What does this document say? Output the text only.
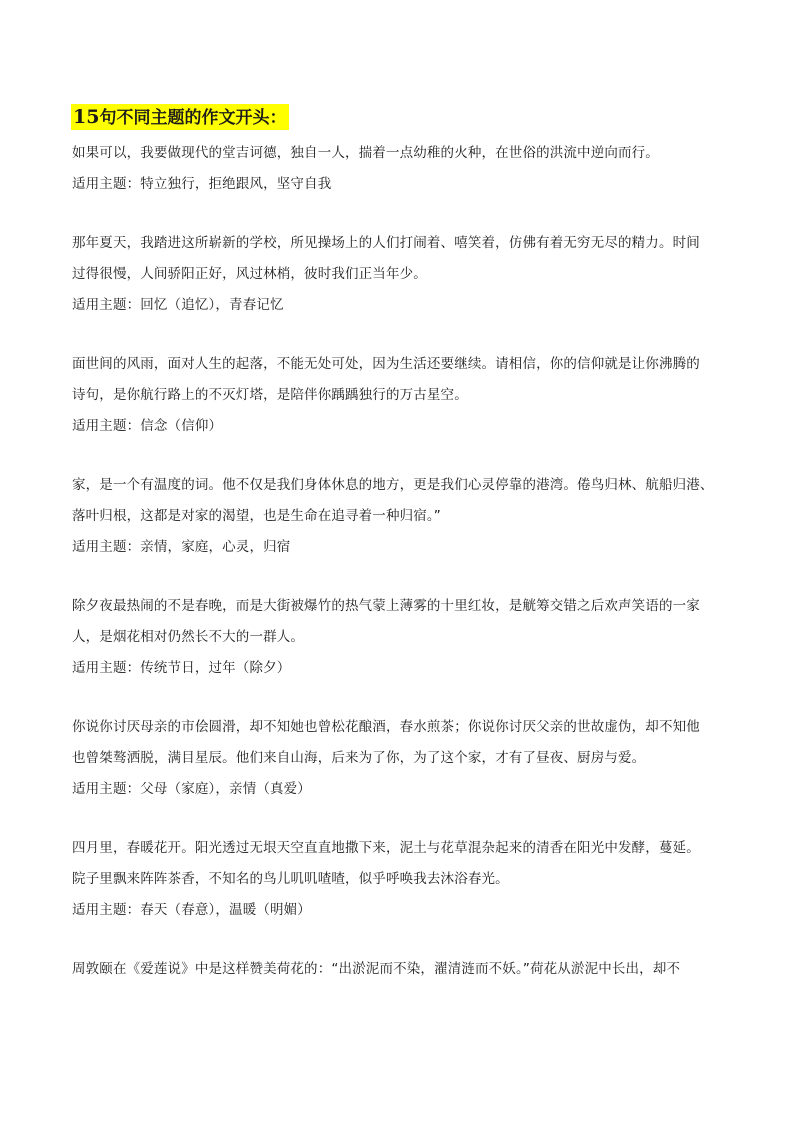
15句不同主题的作文开头：

如果可以，我要做现代的堂吉诃德，独自一人，揣着一点幼稚的火种，在世俗的洪流中逆向而行。

适用主题：特立独行，拒绝跟风，坚守自我

那年夏天，我踏进这所崭新的学校，所见操场上的人们打闹着、嘻笑着，仿佛有着无穷无尽的精力。时间

过得很慢，人间骄阳正好，风过林梢，彼时我们正当年少。

适用主题：回忆（追忆），青春记忆

面世间的风雨，面对人生的起落，不能无处可处，因为生活还要继续。请相信，你的信仰就是让你沸腾的

诗句，是你航行路上的不灭灯塔，是陪伴你踽踽独行的万古星空。

适用主题：信念（信仰）

家，是一个有温度的词。他不仅是我们身体休息的地方，更是我们心灵停靠的港湾。倦鸟归林、航船归港、

落叶归根，这都是对家的渴望，也是生命在追寻着一种归宿。”

适用主题：亲情，家庭，心灵，归宿

除夕夜最热闹的不是春晚，而是大街被爆竹的热气蒙上薄雾的十里红妆，是觥筹交错之后欢声笑语的一家

人，是烟花相对仍然长不大的一群人。

适用主题：传统节日，过年（除夕）

你说你讨厌母亲的市侩圆滑，却不知她也曾松花酿酒，春水煎茶；你说你讨厌父亲的世故虚伪，却不知他

也曾桀骜洒脱，满目星辰。他们来自山海，后来为了你，为了这个家，才有了昼夜、厨房与爱。

适用主题：父母（家庭），亲情（真爱）

四月里，春暖花开。阳光透过无垠天空直直地撒下来，泥土与花草混杂起来的清香在阳光中发酵，蔓延。

院子里飘来阵阵茶香，不知名的鸟儿叽叽喳喳，似乎呼唤我去沐浴春光。

适用主题：春天（春意），温暖（明媚）

周敦颐在《爱莲说》中是这样赞美荷花的：“出淤泥而不染，濯清涟而不妖。”荷花从淤泥中长出，却不
